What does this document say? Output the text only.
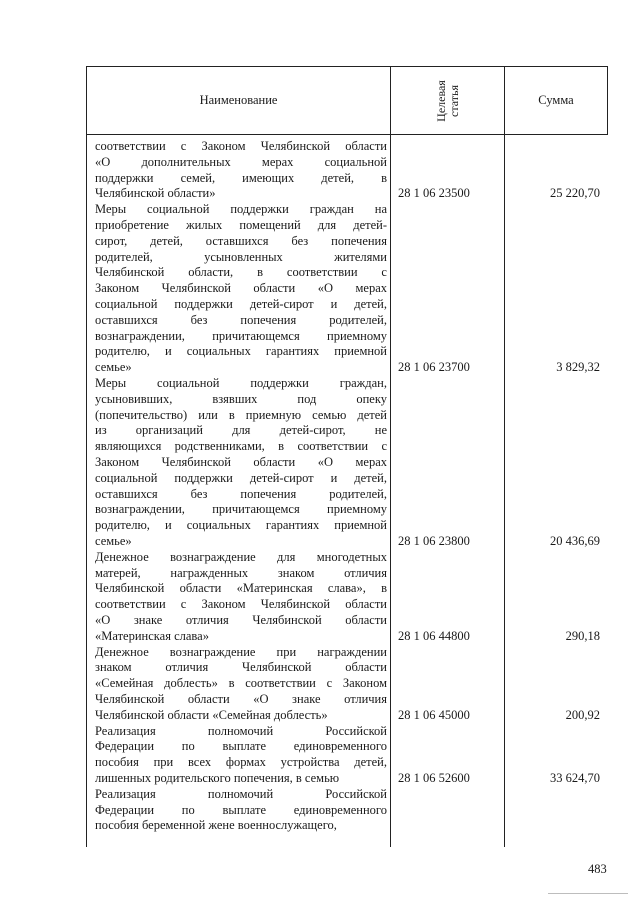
Наименование	Целевая статья	Сумма
соответствии с Законом Челябинской области
«О дополнительных мерах социальной
поддержки семей, имеющих детей, в
Челябинской области»	28 1 06 23500	25 220,70
Меры социальной поддержки граждан на
приобретение жилых помещений для детей-
сирот, детей, оставшихся без попечения
родителей, усыновленных жителями
Челябинской области, в соответствии с
Законом Челябинской области «О мерах
социальной поддержки детей-сирот и детей,
оставшихся без попечения родителей,
вознаграждении, причитающемся приемному
родителю, и социальных гарантиях приемной
семье»	28 1 06 23700	3 829,32
Меры социальной поддержки граждан,
усыновивших, взявших под опеку
(попечительство) или в приемную семью детей
из организаций для детей-сирот, не
являющихся родственниками, в соответствии с
Законом Челябинской области «О мерах
социальной поддержки детей-сирот и детей,
оставшихся без попечения родителей,
вознаграждении, причитающемся приемному
родителю, и социальных гарантиях приемной
семье»	28 1 06 23800	20 436,69
Денежное вознаграждение для многодетных
матерей, награжденных знаком отличия
Челябинской области «Материнская слава», в
соответствии с Законом Челябинской области
«О знаке отличия Челябинской области
«Материнская слава»	28 1 06 44800	290,18
Денежное вознаграждение при награждении
знаком отличия Челябинской области
«Семейная доблесть» в соответствии с Законом
Челябинской области «О знаке отличия
Челябинской области «Семейная доблесть»	28 1 06 45000	200,92
Реализация полномочий Российской
Федерации по выплате единовременного
пособия при всех формах устройства детей,
лишенных родительского попечения, в семью	28 1 06 52600	33 624,70
Реализация полномочий Российской
Федерации по выплате единовременного
пособия беременной жене военнослужащего,
483
